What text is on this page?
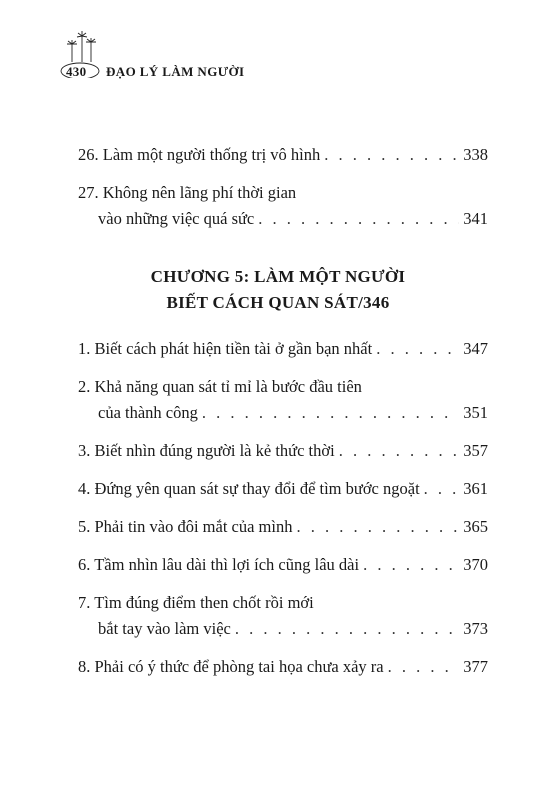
430 ĐẠO LÝ LÀM NGƯỜI
26. Làm một người thống trị vô hình . . .	338
27. Không nên lãng phí thời gian
vào những việc quá sức . . .	341
1. Biết cách phát hiện tiền tài ở gần bạn nhất . . .	347
2. Khả năng quan sát tỉ mỉ là bước đầu tiên
của thành công . . .	351
3. Biết nhìn đúng người là kẻ thức thời . . .	357
4. Đứng yên quan sát sự thay đổi để tìm bước ngoặt . . .	361
5. Phải tin vào đôi mắt của mình . . .	365
6. Tầm nhìn lâu dài thì lợi ích cũng lâu dài . . .	370
7. Tìm đúng điểm then chốt rồi mới
bắt tay vào làm việc . . .	373
8. Phải có ý thức để phòng tai họa chưa xảy ra . . .	377
CHƯƠNG 5: LÀM MỘT NGƯỜI
BIẾT CÁCH QUAN SÁT/346
